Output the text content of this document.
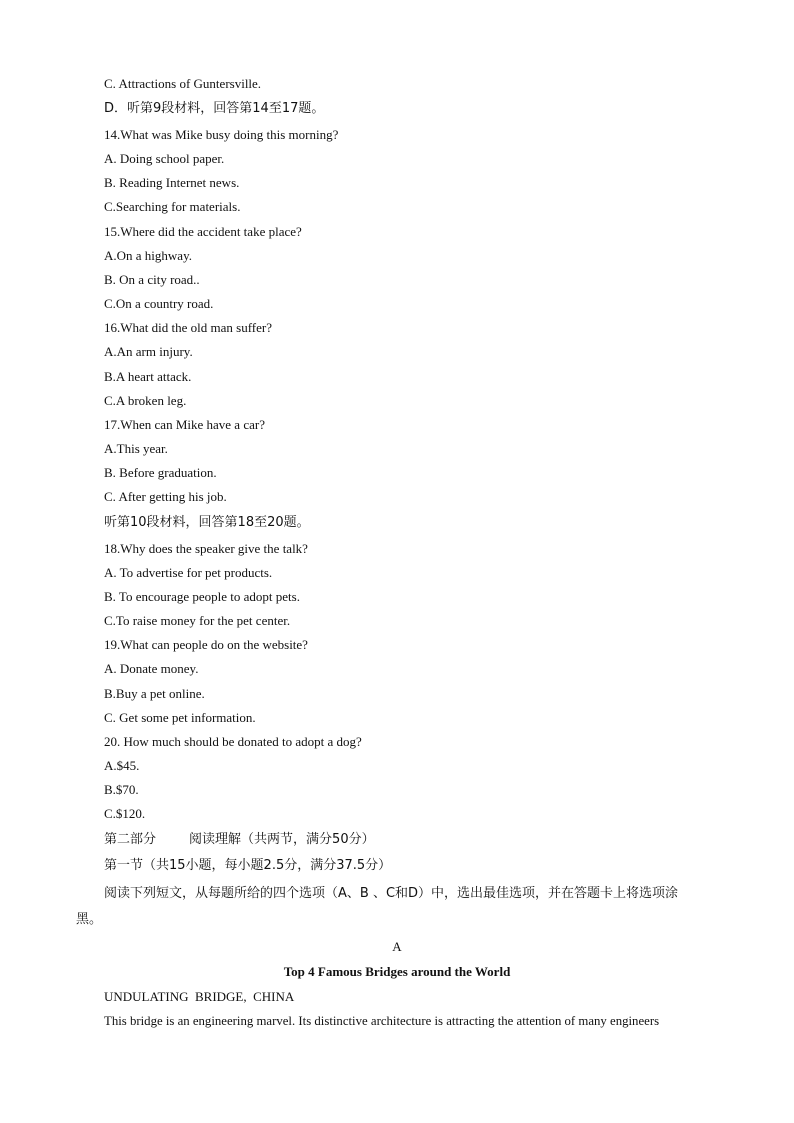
C. Attractions of Guntersville.
D．听第9段材料，回答第14至17题。
14.What was Mike busy doing this morning?
A. Doing school paper.
B. Reading Internet news.
C.Searching for materials.
15.Where did the accident take place?
A.On a highway.
B. On a city road..
C.On a country road.
16.What did the old man suffer?
A.An arm injury.
B.A heart attack.
C.A broken leg.
17.When can Mike have a car?
A.This year.
B. Before graduation.
C. After getting his job.
听第10段材料，回答第18至20题。
18.Why does the speaker give the talk?
A. To advertise for pet products.
B. To encourage people to adopt pets.
C.To raise money for the pet center.
19.What can people do on the website?
A. Donate money.
B.Buy a pet online.
C. Get some pet information.
20. How much should be donated to adopt a dog?
A.$45.
B.$70.
C.$120.
第二部分        阅读理解（共两节，满分50分）
第一节（共15小题，每小题2.5分，满分37.5分）
阅读下列短文，从每题所给的四个选项（A、B 、C和D）中，选出最佳选项，并在答题卡上将选项涂
黑。
A
Top 4 Famous Bridges around the World
UNDULATING  BRIDGE,  CHINA
This bridge is an engineering marvel. Its distinctive architecture is attracting the attention of many engineers
